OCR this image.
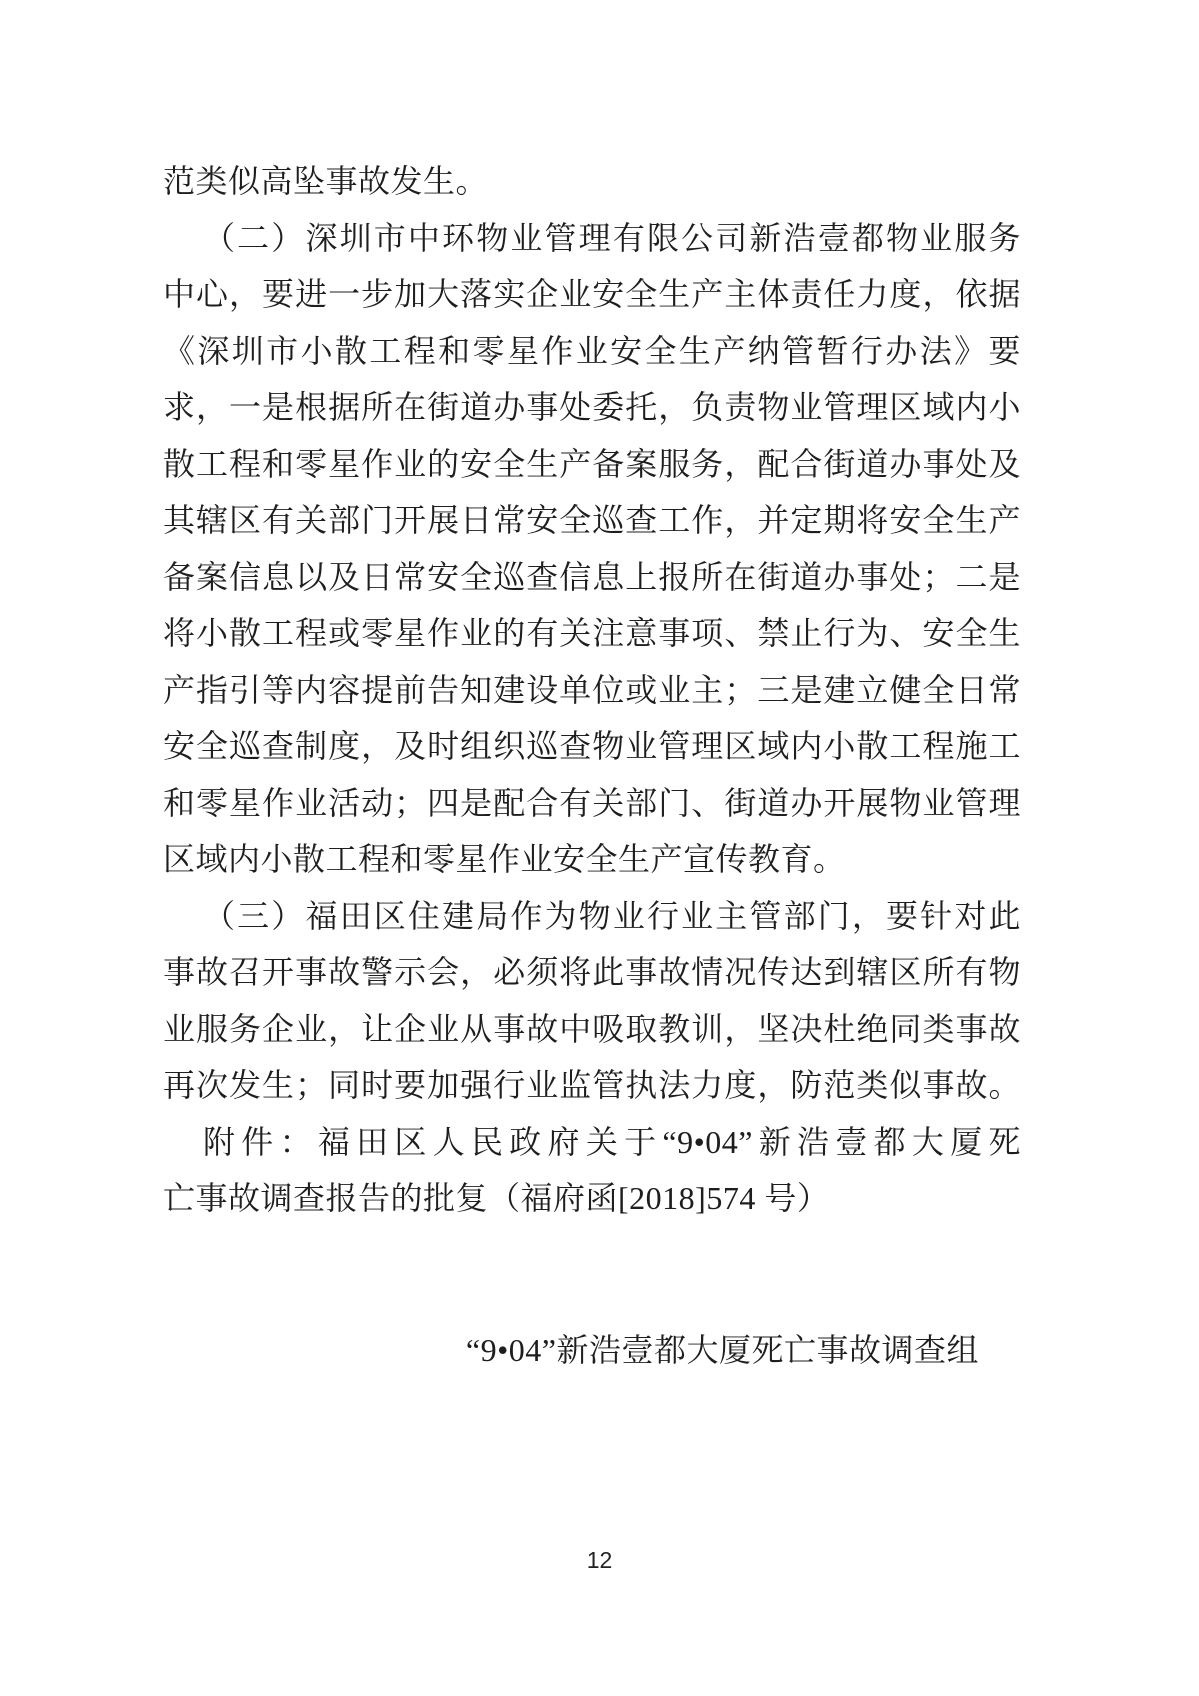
范类似高坠事故发生。
（二）深圳市中环物业管理有限公司新浩壹都物业服务
中心，要进一步加大落实企业安全生产主体责任力度，依据
《深圳市小散工程和零星作业安全生产纳管暂行办法》要
求，一是根据所在街道办事处委托，负责物业管理区域内小
散工程和零星作业的安全生产备案服务，配合街道办事处及
其辖区有关部门开展日常安全巡查工作，并定期将安全生产
备案信息以及日常安全巡查信息上报所在街道办事处；二是
将小散工程或零星作业的有关注意事项、禁止行为、安全生
产指引等内容提前告知建设单位或业主；三是建立健全日常
安全巡查制度，及时组织巡查物业管理区域内小散工程施工
和零星作业活动；四是配合有关部门、街道办开展物业管理
区域内小散工程和零星作业安全生产宣传教育。
（三）福田区住建局作为物业行业主管部门，要针对此
事故召开事故警示会，必须将此事故情况传达到辖区所有物
业服务企业，让企业从事故中吸取教训，坚决杜绝同类事故
再次发生；同时要加强行业监管执法力度，防范类似事故。
附件：福田区人民政府关于“9•04”新浩壹都大厦死
亡事故调查报告的批复（福府函[2018]574 号）
“9•04”新浩壹都大厦死亡事故调查组
12
